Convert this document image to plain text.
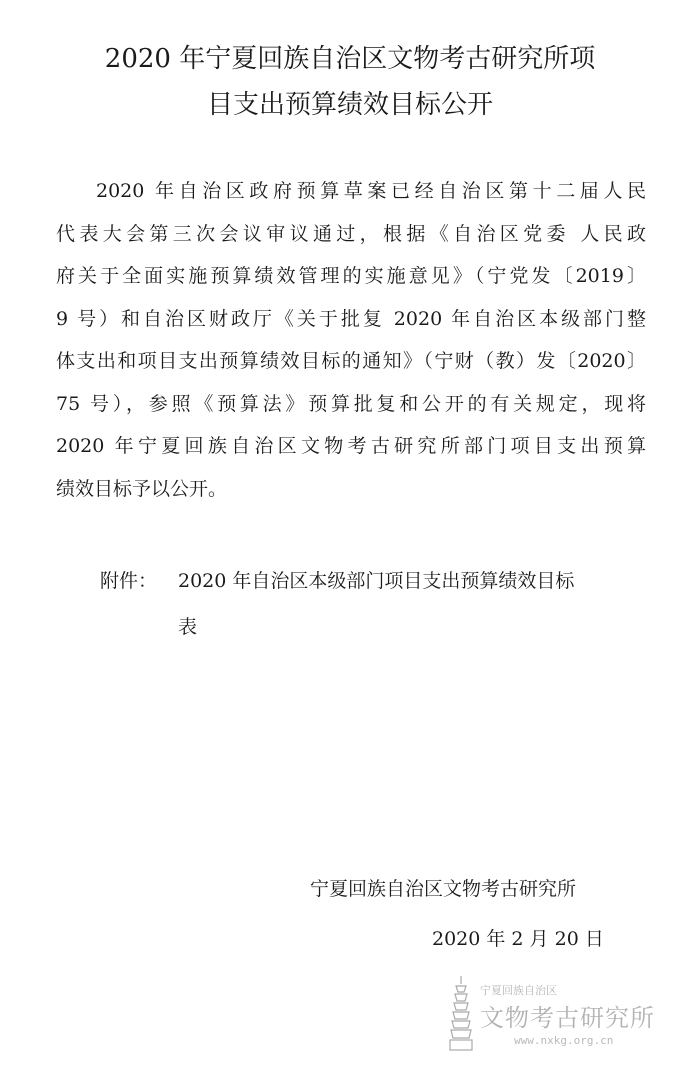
2020 年宁夏回族自治区文物考古研究所项
目支出预算绩效目标公开
2020 年自治区政府预算草案已经自治区第十二届人民
代表大会第三次会议审议通过，根据《自治区党委 人民政
府关于全面实施预算绩效管理的实施意见》（宁党发〔2019〕
9 号）和自治区财政厅《关于批复 2020 年自治区本级部门整
体支出和项目支出预算绩效目标的通知》（宁财（教）发〔2020〕
75 号），参照《预算法》预算批复和公开的有关规定，现将
2020 年宁夏回族自治区文物考古研究所部门项目支出预算
绩效目标予以公开。
附件： 2020 年自治区本级部门项目支出预算绩效目标
表
宁夏回族自治区文物考古研究所
2020 年 2 月 20 日
宁夏回族自治区
文物考古研究所
www.nxkg.org.cn
